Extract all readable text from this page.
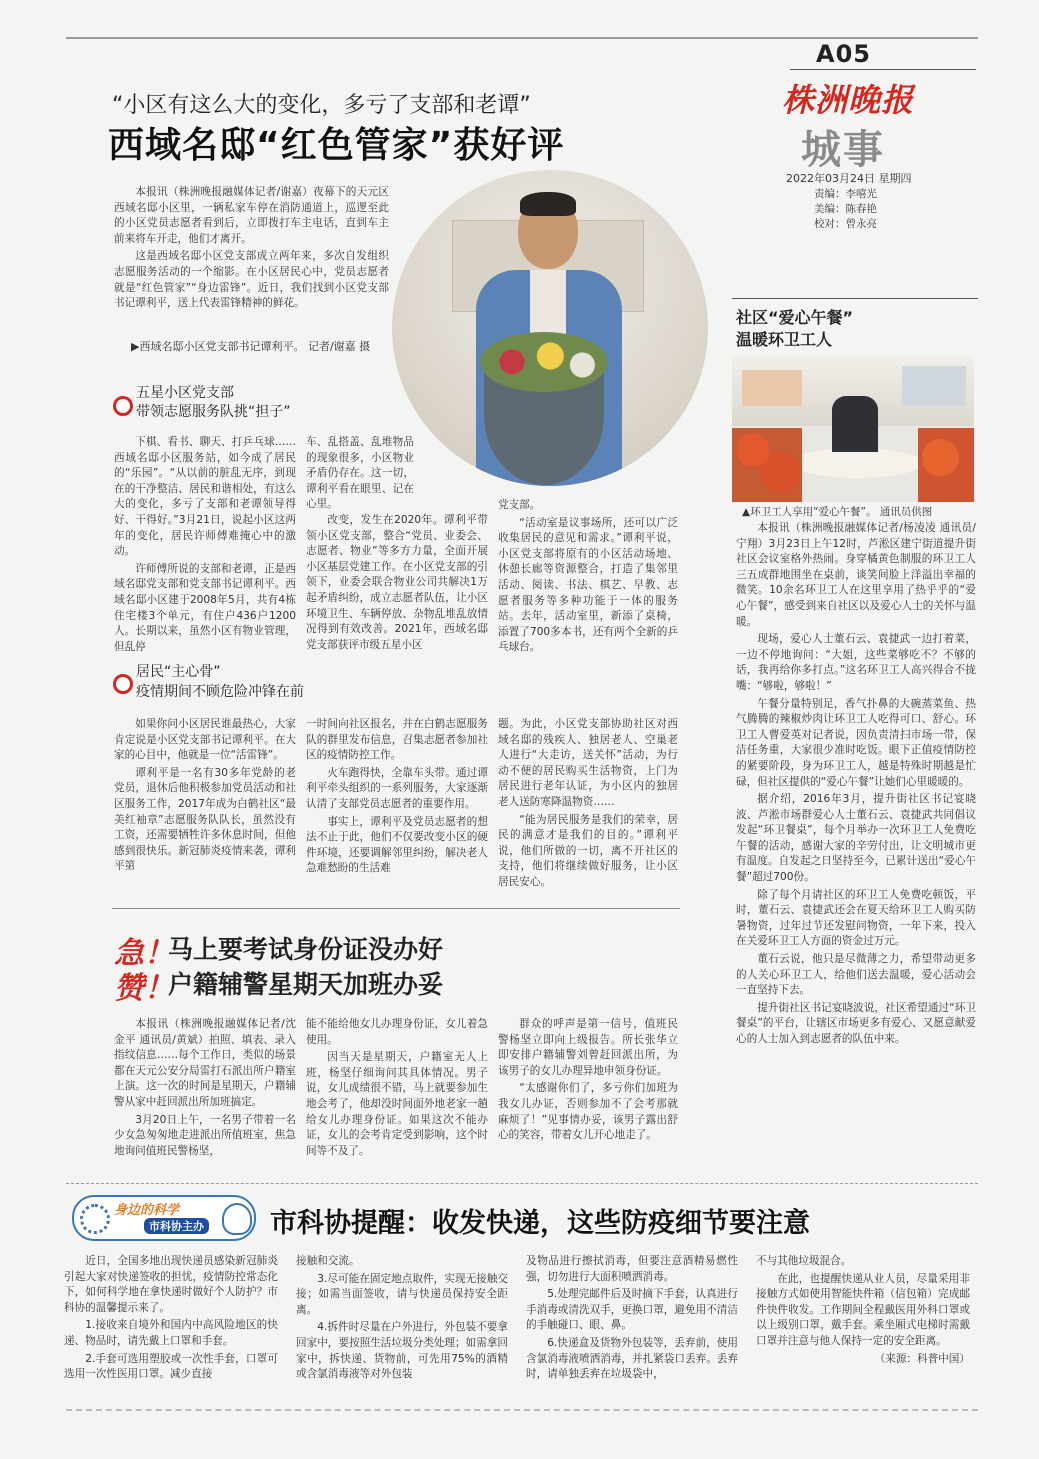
A05
株洲晚报
城事
2022年03月24日 星期四
责编：李嘻光
美编：陈春艳
校对：曾永亮
“小区有这么大的变化，多亏了支部和老谭”
西域名邸“红色管家”获好评

本报讯（株洲晚报融媒体记者/谢嘉）夜幕下的天元区西域名邸小区里，一辆私家车停在消防通道上，巡逻至此的小区党员志愿者看到后，立即拨打车主电话，直到车主前来将车开走，他们才离开。

这是西域名邸小区党支部成立两年来，多次自发组织志愿服务活动的一个缩影。在小区居民心中，党员志愿者就是“红色管家”“身边雷锋”。近日，我们找到小区党支部书记谭利平，送上代表雷锋精神的鲜花。

▶西域名邸小区党支部书记谭利平。 记者/谢嘉 摄
五星小区党支部
带领志愿服务队挑“担子”

下棋、看书、聊天、打乒乓球……西域名邸小区服务站，如今成了居民的“乐园”。“从以前的脏乱无序，到现在的干净整洁、居民和谐相处，有这么大的变化，多亏了支部和老谭领导得好、干得好。”3月21日，说起小区这两年的变化，居民许师傅难掩心中的激动。

许师傅所说的支部和老谭，正是西域名邸党支部和党支部书记谭利平。西域名邸小区建于2008年5月，共有4栋住宅楼3个单元，有住户436户1200人。长期以来，虽然小区有物业管理，但乱停

车、乱搭盖、乱堆物品的现象很多，小区物业矛盾仍存在。这一切，谭利平看在眼里、记在心里。

改变，发生在2020年。谭利平带领小区党支部，整合“党员、业委会、志愿者、物业”等多方力量，全面开展小区基层党建工作。在小区党支部的引领下，业委会联合物业公司共解决1万起矛盾纠纷，成立志愿者队伍，让小区环境卫生、车辆停放、杂物乱堆乱放情况得到有效改善。2021年，西域名邸党支部获评市级五星小区

党支部。

“活动室是议事场所，还可以广泛收集居民的意见和需求。”谭利平说，小区党支部将原有的小区活动场地、休憩长廊等资源整合，打造了集邻里活动、阅读、书法、棋艺、早教、志愿者服务等多种功能于一体的服务站。去年，活动室里，新添了桌椅，添置了700多本书，还有两个全新的乒乓球台。

居民“主心骨”
疫情期间不顾危险冲锋在前

如果你问小区居民谁最热心，大家肯定说是小区党支部书记谭利平。在大家的心目中，他就是一位“活雷锋”。

谭利平是一名有30多年党龄的老党员，退休后他积极参加党员活动和社区服务工作，2017年成为白鹤社区“最美红袖章”志愿服务队队长，虽然没有工资，还需要牺牲许多休息时间，但他感到很快乐。新冠肺炎疫情来袭，谭利平第

一时间向社区报名，并在白鹤志愿服务队的群里发布信息，召集志愿者参加社区的疫情防控工作。

火车跑得快，全靠车头带。通过谭利平牵头组织的一系列服务，大家逐渐认清了支部党员志愿者的重要作用。

事实上，谭利平及党员志愿者的想法不止于此，他们不仅要改变小区的硬件环境，还要调解邻里纠纷，解决老人急难愁盼的生活难

题。为此，小区党支部协助社区对西域名邸的残疾人、独居老人、空巢老人进行“大走访，送关怀”活动，为行动不便的居民购买生活物资，上门为居民进行老年认证，为小区内的独居老人送防寒降温物资……

“能为居民服务是我们的荣幸，居民的满意才是我们的目的。”谭利平说，他们所做的一切，离不开社区的支持，他们将继续做好服务，让小区居民安心。

社区“爱心午餐”
温暖环卫工人
▲环卫工人享用“爱心午餐”。 通讯员供图

本报讯（株洲晚报融媒体记者/杨凌凌 通讯员/宁翔）3月23日上午12时，芦淞区建宁街道提升街社区会议室格外热闹。身穿橘黄色制服的环卫工人三五成群地围坐在桌前，谈笑间脸上洋溢出幸福的微笑。10余名环卫工人在这里享用了热乎乎的“爱心午餐”，感受到来自社区以及爱心人士的关怀与温暖。

现场，爱心人士董石云、袁捷武一边打着菜，一边不停地询问：“大姐，这些菜够吃不？不够的话，我再给你多打点。”这名环卫工人高兴得合不拢嘴：“够啦，够啦！”

午餐分量特别足，香气扑鼻的大碗蒸菜鱼、热气腾腾的辣椒炒肉让环卫工人吃得可口、舒心。环卫工人曹爱英对记者说，因负责清扫市场一带，保洁任务重，大家很少准时吃饭。眼下正值疫情防控的紧要阶段，身为环卫工人，越是特殊时期越是忙碌，但社区提供的“爱心午餐”让她们心里暖暖的。

据介绍，2016年3月，提升街社区书记宴晓波、芦淞市场群爱心人士董石云、袁捷武共同倡议发起“环卫餐桌”，每个月举办一次环卫工人免费吃午餐的活动，感谢大家的辛劳付出，让文明城市更有温度。自发起之日坚持至今，已累计送出“爱心午餐”超过700份。

除了每个月请社区的环卫工人免费吃顿饭，平时，董石云、袁捷武还会在夏天给环卫工人购买防暑物资，过年过节还发慰问物资，一年下来，投入在关爱环卫工人方面的资金过万元。

董石云说，他只是尽微薄之力，希望带动更多的人关心环卫工人，给他们送去温暖，爱心活动会一直坚持下去。

提升街社区书记宴晓波说，社区希望通过“环卫餐桌”的平台，让辖区市场更多有爱心、又愿意献爱心的人士加入到志愿者的队伍中来。

急！
马上要考试身份证没办好
赞！
户籍辅警星期天加班办妥

本报讯（株洲晚报融媒体记者/沈金平 通讯员/黄斌）拍照、填表、录入指纹信息……每个工作日，类似的场景都在天元公安分局雷打石派出所户籍室上演。这一次的时间是星期天，户籍辅警从家中赶回派出所加班搞定。

3月20日上午，一名男子带着一名少女急匆匆地走进派出所值班室，焦急地询问值班民警杨坚，

能不能给他女儿办理身份证，女儿着急使用。

因当天是星期天，户籍室无人上班，杨坚仔细询问其具体情况。男子说，女儿成绩很不错，马上就要参加生地会考了，他却没时间面外地老家一趟给女儿办理身份证。如果这次不能办证，女儿的会考肯定受到影响，这个时间等不及了。

群众的呼声是第一信号，值班民警杨坚立即向上级报告。所长张华立即安排户籍辅警刘曾赶回派出所，为该男子的女儿办理异地申领身份证。

“太感谢你们了，多亏你们加班为我女儿办证，否则参加不了会考那就麻烦了！”见事情办妥，该男子露出舒心的笑容，带着女儿开心地走了。

身边的科学
市科协主办 市科协提醒：收发快递，这些防疫细节要注意

近日，全国多地出现快递员感染新冠肺炎引起大家对快递签收的担忧，疫情防控常态化下，如何科学地在拿快递时做好个人防护？市科协的温馨提示来了。

1.接收来自境外和国内中高风险地区的快递、物品时，请先戴上口罩和手套。

2.手套可选用塑胶或一次性手套，口罩可选用一次性医用口罩。减少直接

接触和交流。

3.尽可能在固定地点取件，实现无接触交接；如需当面签收，请与快递员保持安全距离。

4.拆件时尽量在户外进行，外包装不要拿回家中，要按照生活垃圾分类处理；如需拿回家中，拆快递、货物前，可先用75%的酒精或含氯消毒液等对外包装

及物品进行擦拭消毒，但要注意酒精易燃性强，切勿进行大面积喷洒消毒。

5.处理完邮件后及时摘下手套，认真进行手消毒或清洗双手，更换口罩，避免用不清洁的手触碰口、眼、鼻。

6.快递盒及货物外包装等，丢弃前，使用含氯消毒液喷洒消毒，并扎紧袋口丢弃。丢弃时，请单独丢弃在垃圾袋中，

不与其他垃圾混合。

在此，也提醒快递从业人员，尽量采用非接触方式如使用智能快件箱（信包箱）完成邮件快件收发。工作期间全程戴医用外科口罩或以上级别口罩，戴手套。乘坐厢式电梯时需戴口罩并注意与他人保持一定的安全距离。

（来源：科普中国）
